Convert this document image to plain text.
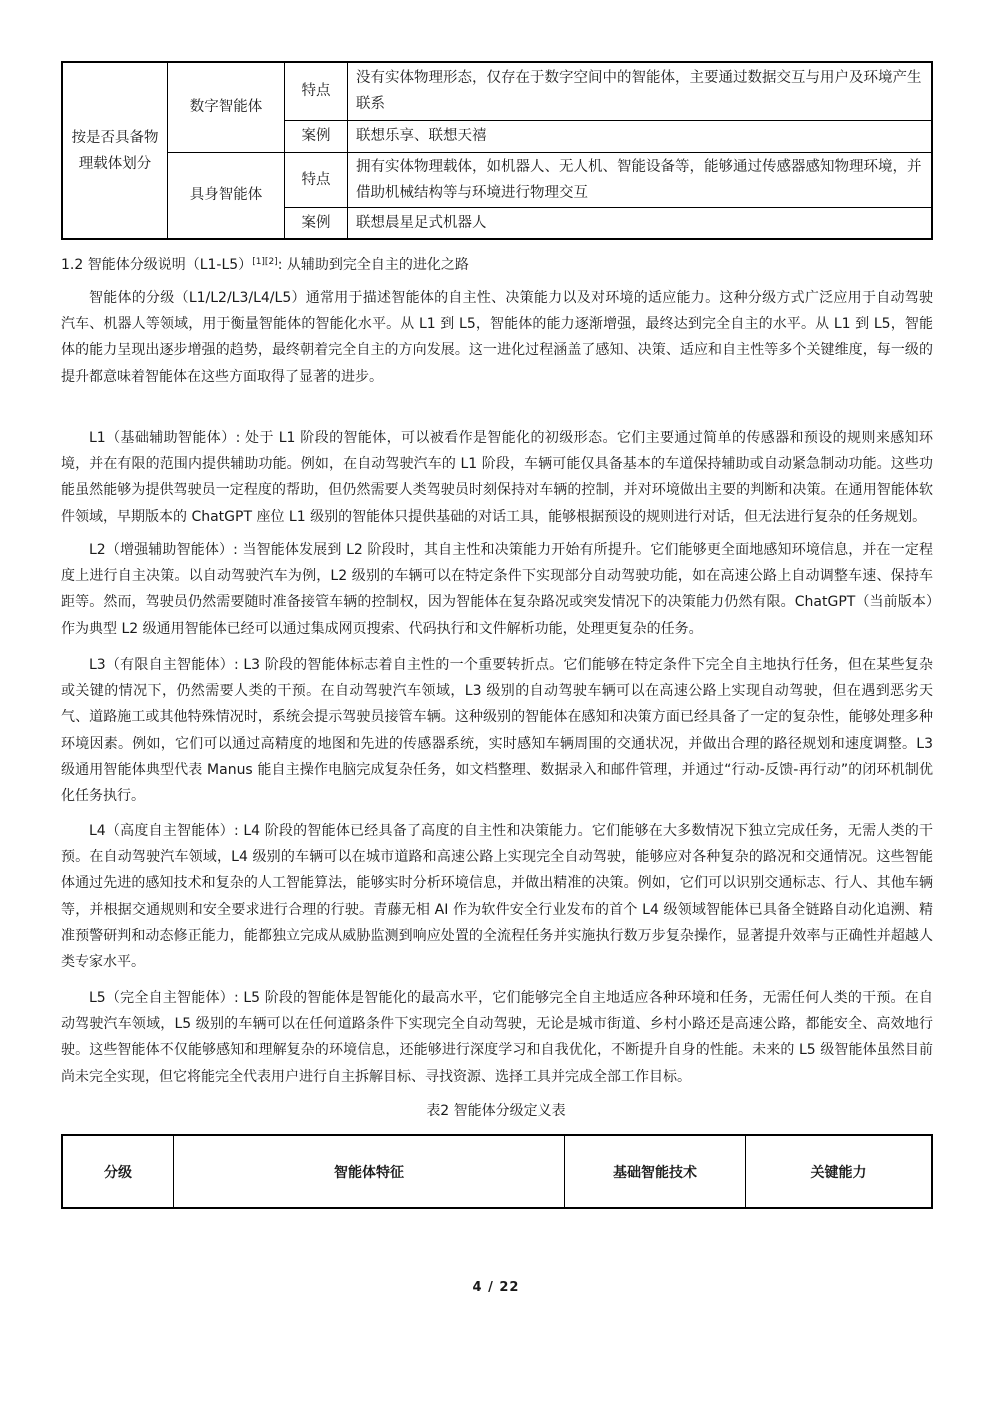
按是否具备物理载体划分	数字智能体	特点	没有实体物理形态，仅存在于数字空间中的智能体，主要通过数据交互与用户及环境产生联系
		案例	联想乐享、联想天禧
	具身智能体	特点	拥有实体物理载体，如机器人、无人机、智能设备等，能够通过传感器感知物理环境，并借助机械结构等与环境进行物理交互
		案例	联想晨星足式机器人
1.2 智能体分级说明（L1-L5）[1][2]: 从辅助到完全自主的进化之路

智能体的分级（L1/L2/L3/L4/L5）通常用于描述智能体的自主性、决策能力以及对环境的适应能力。这种分级方式广泛应用于自动驾驶汽车、机器人等领域，用于衡量智能体的智能化水平。从 L1 到 L5，智能体的能力逐渐增强，最终达到完全自主的水平。从 L1 到 L5，智能体的能力呈现出逐步增强的趋势，最终朝着完全自主的方向发展。这一进化过程涵盖了感知、决策、适应和自主性等多个关键维度，每一级的提升都意味着智能体在这些方面取得了显著的进步。

L1（基础辅助智能体）: 处于 L1 阶段的智能体，可以被看作是智能化的初级形态。它们主要通过简单的传感器和预设的规则来感知环境，并在有限的范围内提供辅助功能。例如，在自动驾驶汽车的 L1 阶段，车辆可能仅具备基本的车道保持辅助或自动紧急制动功能。这些功能虽然能够为提供驾驶员一定程度的帮助，但仍然需要人类驾驶员时刻保持对车辆的控制，并对环境做出主要的判断和决策。在通用智能体软件领域，早期版本的 ChatGPT 座位 L1 级别的智能体只提供基础的对话工具，能够根据预设的规则进行对话，但无法进行复杂的任务规划。

L2（增强辅助智能体）: 当智能体发展到 L2 阶段时，其自主性和决策能力开始有所提升。它们能够更全面地感知环境信息，并在一定程度上进行自主决策。以自动驾驶汽车为例，L2 级别的车辆可以在特定条件下实现部分自动驾驶功能，如在高速公路上自动调整车速、保持车距等。然而，驾驶员仍然需要随时准备接管车辆的控制权，因为智能体在复杂路况或突发情况下的决策能力仍然有限。ChatGPT（当前版本）作为典型 L2 级通用智能体已经可以通过集成网页搜索、代码执行和文件解析功能，处理更复杂的任务。

L3（有限自主智能体）: L3 阶段的智能体标志着自主性的一个重要转折点。它们能够在特定条件下完全自主地执行任务，但在某些复杂或关键的情况下，仍然需要人类的干预。在自动驾驶汽车领域，L3 级别的自动驾驶车辆可以在高速公路上实现自动驾驶，但在遇到恶劣天气、道路施工或其他特殊情况时，系统会提示驾驶员接管车辆。这种级别的智能体在感知和决策方面已经具备了一定的复杂性，能够处理多种环境因素。例如，它们可以通过高精度的地图和先进的传感器系统，实时感知车辆周围的交通状况，并做出合理的路径规划和速度调整。L3 级通用智能体典型代表 Manus 能自主操作电脑完成复杂任务，如文档整理、数据录入和邮件管理，并通过“行动-反馈-再行动”的闭环机制优化任务执行。

L4（高度自主智能体）: L4 阶段的智能体已经具备了高度的自主性和决策能力。它们能够在大多数情况下独立完成任务，无需人类的干预。在自动驾驶汽车领域，L4 级别的车辆可以在城市道路和高速公路上实现完全自动驾驶，能够应对各种复杂的路况和交通情况。这些智能体通过先进的感知技术和复杂的人工智能算法，能够实时分析环境信息，并做出精准的决策。例如，它们可以识别交通标志、行人、其他车辆等，并根据交通规则和安全要求进行合理的行驶。青藤无相 AI 作为软件安全行业发布的首个 L4 级领域智能体已具备全链路自动化追溯、精准预警研判和动态修正能力，能都独立完成从威胁监测到响应处置的全流程任务并实施执行数万步复杂操作，显著提升效率与正确性并超越人类专家水平。

L5（完全自主智能体）: L5 阶段的智能体是智能化的最高水平，它们能够完全自主地适应各种环境和任务，无需任何人类的干预。在自动驾驶汽车领域，L5 级别的车辆可以在任何道路条件下实现完全自动驾驶，无论是城市街道、乡村小路还是高速公路，都能安全、高效地行驶。这些智能体不仅能够感知和理解复杂的环境信息，还能够进行深度学习和自我优化，不断提升自身的性能。未来的 L5 级智能体虽然目前尚未完全实现，但它将能完全代表用户进行自主拆解目标、寻找资源、选择工具并完成全部工作目标。

表2 智能体分级定义表
分级	智能体特征	基础智能技术	关键能力
4 / 22
